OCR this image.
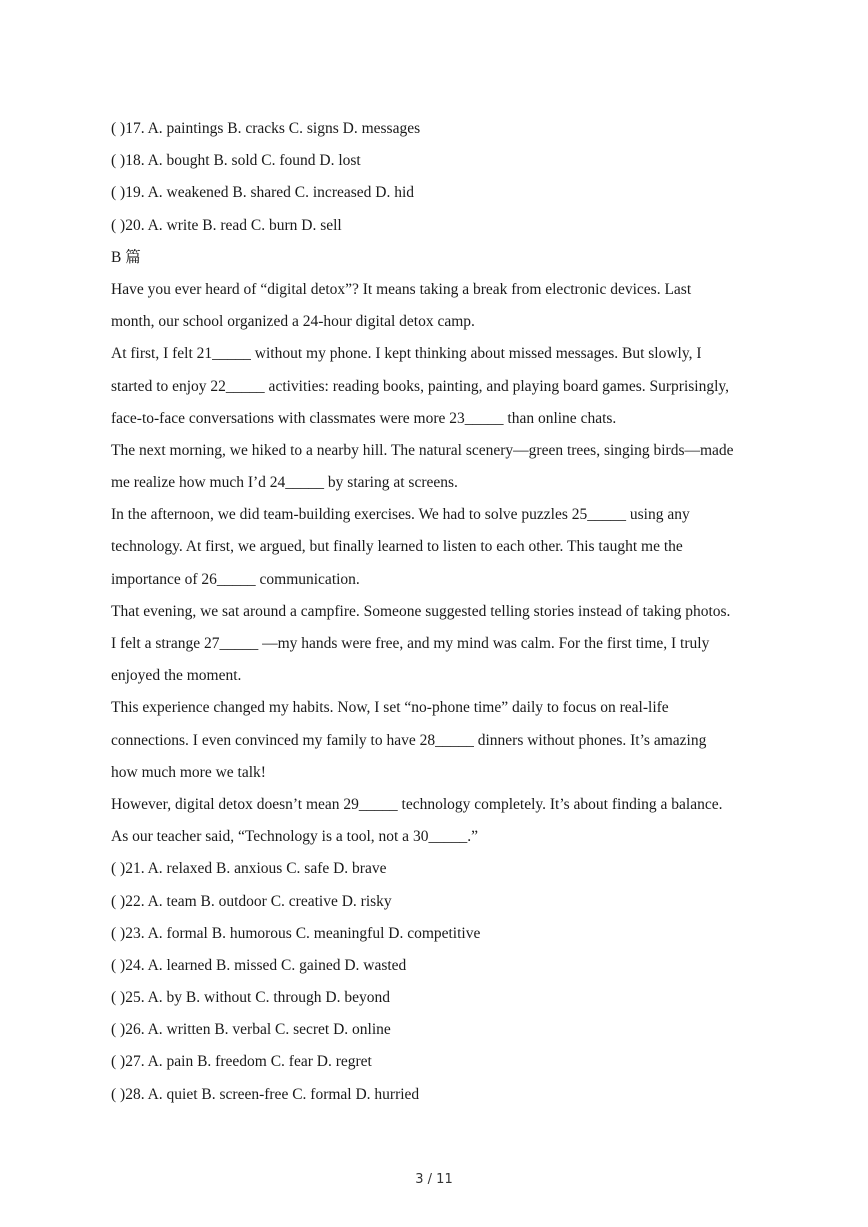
( )17. A. paintings B. cracks C. signs D. messages
( )18. A. bought B. sold C. found D. lost
( )19. A. weakened B. shared C. increased D. hid
( )20. A. write B. read C. burn D. sell
B 篇
Have you ever heard of “digital detox”? It means taking a break from electronic devices. Last
month, our school organized a 24-hour digital detox camp.
At first, I felt 21_____ without my phone. I kept thinking about missed messages. But slowly, I
started to enjoy 22_____ activities: reading books, painting, and playing board games. Surprisingly,
face-to-face conversations with classmates were more 23_____ than online chats.
The next morning, we hiked to a nearby hill. The natural scenery—green trees, singing birds—made
me realize how much I’d 24_____ by staring at screens.
In the afternoon, we did team-building exercises. We had to solve puzzles 25_____ using any
technology. At first, we argued, but finally learned to listen to each other. This taught me the
importance of 26_____ communication.
That evening, we sat around a campfire. Someone suggested telling stories instead of taking photos.
I felt a strange 27_____ —my hands were free, and my mind was calm. For the first time, I truly
enjoyed the moment.
This experience changed my habits. Now, I set “no-phone time” daily to focus on real-life
connections. I even convinced my family to have 28_____ dinners without phones. It’s amazing
how much more we talk!
However, digital detox doesn’t mean 29_____ technology completely. It’s about finding a balance.
As our teacher said, “Technology is a tool, not a 30_____.”
( )21. A. relaxed B. anxious C. safe D. brave
( )22. A. team B. outdoor C. creative D. risky
( )23. A. formal B. humorous C. meaningful D. competitive
( )24. A. learned B. missed C. gained D. wasted
( )25. A. by B. without C. through D. beyond
( )26. A. written B. verbal C. secret D. online
( )27. A. pain B. freedom C. fear D. regret
( )28. A. quiet B. screen-free C. formal D. hurried
3 / 11
